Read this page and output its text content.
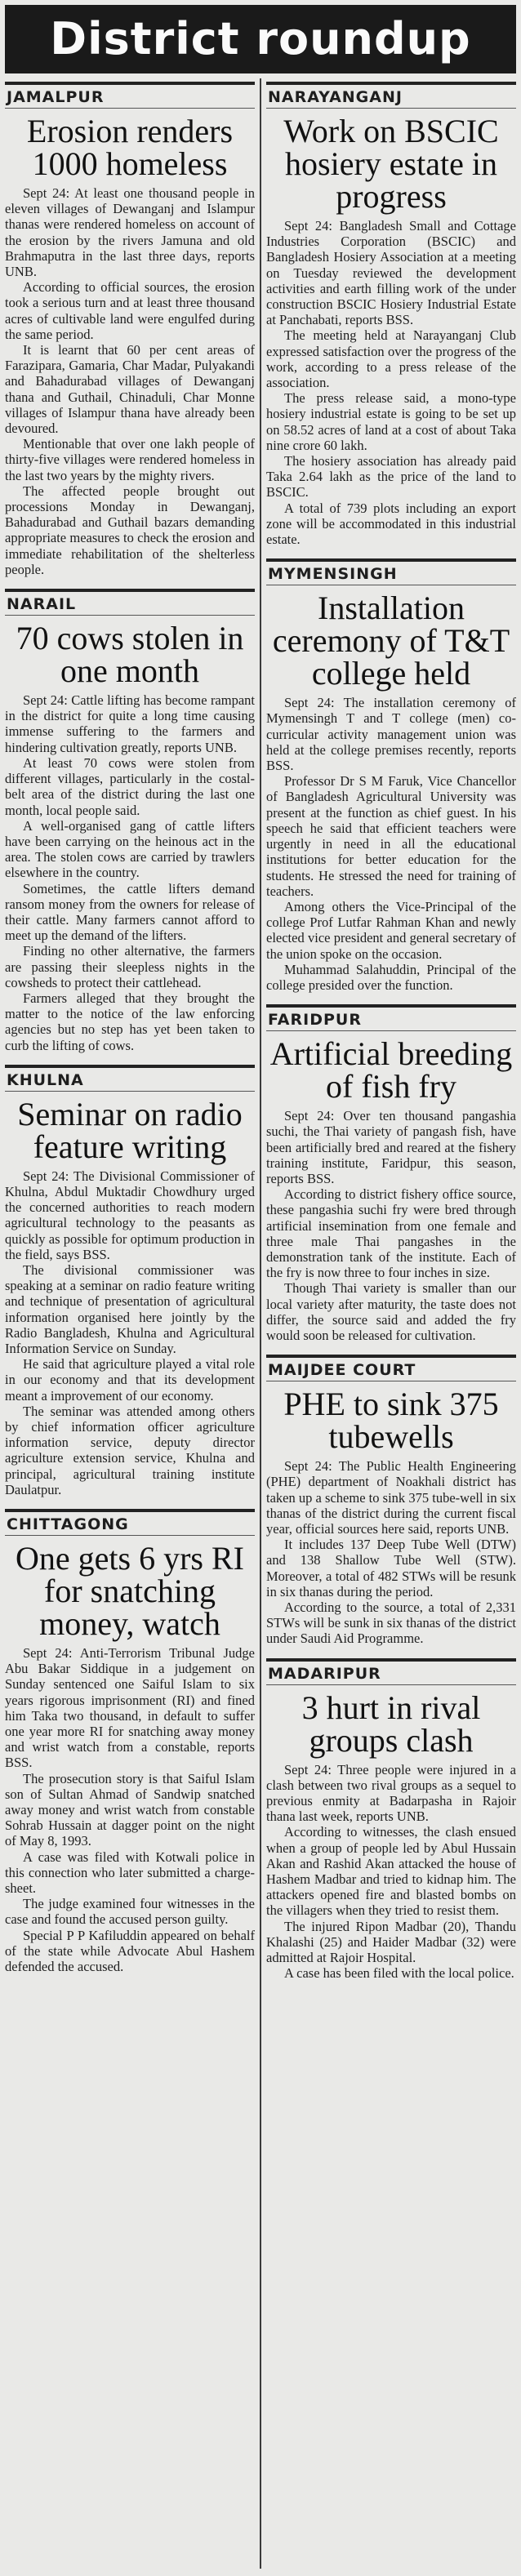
District roundup
JAMALPUR
Erosion renders 1000 homeless

Sept 24: At least one thousand people in eleven villages of Dewanganj and Islampur thanas were rendered homeless on account of the erosion by the rivers Jamuna and old Brahmaputra in the last three days, reports UNB.

According to official sources, the erosion took a serious turn and at least three thousand acres of cultivable land were engulfed during the same period.

It is learnt that 60 per cent areas of Farazipara, Gamaria, Char Madar, Pulyakandi and Bahadurabad villages of Dewanganj thana and Guthail, Chinaduli, Char Monne villages of Islampur thana have already been devoured.

Mentionable that over one lakh people of thirty-five villages were rendered homeless in the last two years by the mighty rivers.

The affected people brought out processions Monday in Dewanganj, Bahadurabad and Guthail bazars demanding appropriate measures to check the erosion and immediate rehabilitation of the shelterless people.

NARAIL
70 cows stolen in one month

Sept 24: Cattle lifting has become rampant in the district for quite a long time causing immense suffering to the farmers and hindering cultivation greatly, reports UNB.

At least 70 cows were stolen from different villages, particularly in the costal-belt area of the district during the last one month, local people said.

A well-organised gang of cattle lifters have been carrying on the heinous act in the area. The stolen cows are carried by trawlers elsewhere in the country.

Sometimes, the cattle lifters demand ransom money from the owners for release of their cattle. Many farmers cannot afford to meet up the demand of the lifters.

Finding no other alternative, the farmers are passing their sleepless nights in the cowsheds to protect their cattlehead.

Farmers alleged that they brought the matter to the notice of the law enforcing agencies but no step has yet been taken to curb the lifting of cows.

KHULNA
Seminar on radio feature writing

Sept 24: The Divisional Commissioner of Khulna, Abdul Muktadir Chowdhury urged the concerned authorities to reach modern agricultural technology to the peasants as quickly as possible for optimum production in the field, says BSS.

The divisional commissioner was speaking at a seminar on radio feature writing and technique of presentation of agricultural information organised here jointly by the Radio Bangladesh, Khulna and Agricultural Information Service on Sunday.

He said that agriculture played a vital role in our economy and that its development meant a improvement of our economy.

The seminar was attended among others by chief information officer agriculture information service, deputy director agriculture extension service, Khulna and principal, agricultural training institute Daulatpur.

CHITTAGONG
One gets 6 yrs RI for snatching money, watch

Sept 24: Anti-Terrorism Tribunal Judge Abu Bakar Siddique in a judgement on Sunday sentenced one Saiful Islam to six years rigorous imprisonment (RI) and fined him Taka two thousand, in default to suffer one year more RI for snatching away money and wrist watch from a constable, reports BSS.

The prosecution story is that Saiful Islam son of Sultan Ahmad of Sandwip snatched away money and wrist watch from constable Sohrab Hussain at dagger point on the night of May 8, 1993.

A case was filed with Kotwali police in this connection who later submitted a charge-sheet.

The judge examined four witnesses in the case and found the accused person guilty.

Special P P Kafiluddin appeared on behalf of the state while Advocate Abul Hashem defended the accused.

NARAYANGANJ
Work on BSCIC hosiery estate in progress

Sept 24: Bangladesh Small and Cottage Industries Corporation (BSCIC) and Bangladesh Hosiery Association at a meeting on Tuesday reviewed the development activities and earth filling work of the under construction BSCIC Hosiery Industrial Estate at Panchabati, reports BSS.

The meeting held at Narayanganj Club expressed satisfaction over the progress of the work, according to a press release of the association.

The press release said, a mono-type hosiery industrial estate is going to be set up on 58.52 acres of land at a cost of about Taka nine crore 60 lakh.

The hosiery association has already paid Taka 2.64 lakh as the price of the land to BSCIC.

A total of 739 plots including an export zone will be accommodated in this industrial estate.

MYMENSINGH
Installation ceremony of T&T college held

Sept 24: The installation ceremony of Mymensingh T and T college (men) co-curricular activity management union was held at the college premises recently, reports BSS.

Professor Dr S M Faruk, Vice Chancellor of Bangladesh Agricultural University was present at the function as chief guest. In his speech he said that efficient teachers were urgently in need in all the educational institutions for better education for the students. He stressed the need for training of teachers.

Among others the Vice-Principal of the college Prof Lutfar Rahman Khan and newly elected vice president and general secretary of the union spoke on the occasion.

Muhammad Salahuddin, Principal of the college presided over the function.

FARIDPUR
Artificial breeding of fish fry

Sept 24: Over ten thousand pangashia suchi, the Thai variety of pangash fish, have been artificially bred and reared at the fishery training institute, Faridpur, this season, reports BSS.

According to district fishery office source, these pangashia suchi fry were bred through artificial insemination from one female and three male Thai pangashes in the demonstration tank of the institute. Each of the fry is now three to four inches in size.

Though Thai variety is smaller than our local variety after maturity, the taste does not differ, the source said and added the fry would soon be released for cultivation.

MAIJDEE COURT
PHE to sink 375 tubewells

Sept 24: The Public Health Engineering (PHE) department of Noakhali district has taken up a scheme to sink 375 tube-well in six thanas of the district during the current fiscal year, official sources here said, reports UNB.

It includes 137 Deep Tube Well (DTW) and 138 Shallow Tube Well (STW). Moreover, a total of 482 STWs will be resunk in six thanas during the period.

According to the source, a total of 2,331 STWs will be sunk in six thanas of the district under Saudi Aid Programme.

MADARIPUR
3 hurt in rival groups clash

Sept 24: Three people were injured in a clash between two rival groups as a sequel to previous enmity at Badarpasha in Rajoir thana last week, reports UNB.

According to witnesses, the clash ensued when a group of people led by Abul Hussain Akan and Rashid Akan attacked the house of Hashem Madbar and tried to kidnap him. The attackers opened fire and blasted bombs on the villagers when they tried to resist them.

The injured Ripon Madbar (20), Thandu Khalashi (25) and Haider Madbar (32) were admitted at Rajoir Hospital.

A case has been filed with the local police.
